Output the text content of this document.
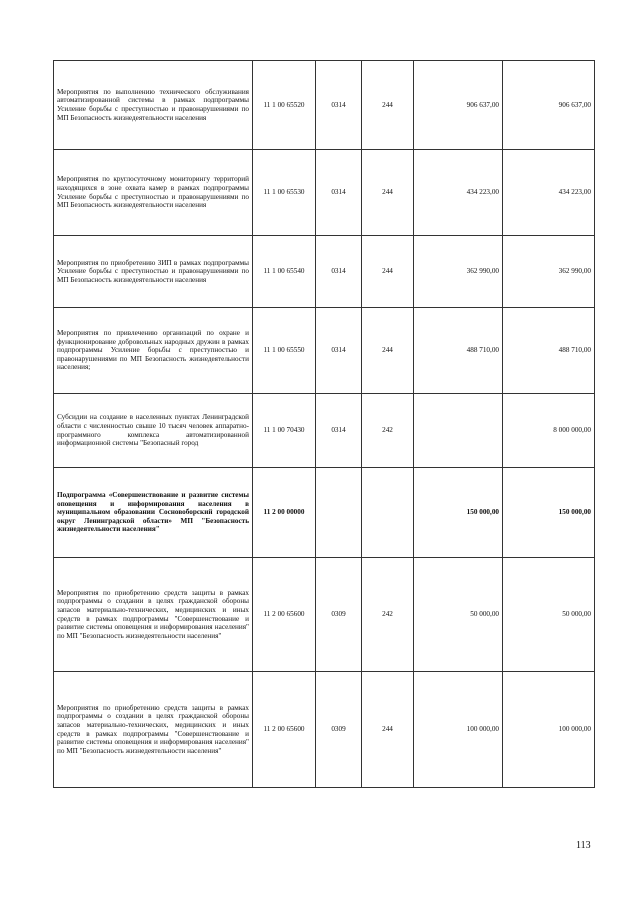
Мероприятия по выполнению технического обслуживания автоматизированной системы в рамках подпрограммы Усиление борьбы с преступностью и правонарушениями по МП Безопасность жизнедеятельности населения	11 1 00 65520	0314	244	906 637,00	906 637,00
Мероприятия по круглосуточному мониторингу территорий находящихся в зоне охвата камер в рамках подпрограммы Усиление борьбы с преступностью и правонарушениями по МП Безопасность жизнедеятельности населения	11 1 00 65530	0314	244	434 223,00	434 223,00
Мероприятия по приобретению ЗИП в рамках подпрограммы Усиление борьбы с преступностью и правонарушениями по МП Безопасность жизнедеятельности населения	11 1 00 65540	0314	244	362 990,00	362 990,00
Мероприятия по привлечению организаций по охране и функционирование добровольных народных дружин в рамках подпрограммы Усиление борьбы с преступностью и правонарушениями по МП Безопасность жизнедеятельности населения;	11 1 00 65550	0314	244	488 710,00	488 710,00
Субсидии на создание в населенных пунктах Ленинградской области с численностью свыше 10 тысяч человек аппаратно-программного комплекса автоматизированной информационной системы "Безопасный город	11 1 00 70430	0314	242		8 000 000,00
Подпрограмма «Совершенствование и развитие системы оповещения и информирования населения в муниципальном образовании Сосновоборский городской округ Ленинградской области» МП "Безопасность жизнедеятельности населения"	11 2 00 00000			150 000,00	150 000,00
Мероприятия по приобретению средств защиты в рамках подпрограммы о создании в целях гражданской обороны запасов материально-технических, медицинских и иных средств в рамках подпрограммы "Совершенствование и развитие системы оповещения и информирования населения" по МП "Безопасность жизнедеятельности населения"	11 2 00 65600	0309	242	50 000,00	50 000,00
Мероприятия по приобретению средств защиты в рамках подпрограммы о создании в целях гражданской обороны запасов материально-технических, медицинских и иных средств в рамках подпрограммы "Совершенствование и развитие системы оповещения и информирования населения" по МП "Безопасность жизнедеятельности населения"	11 2 00 65600	0309	244	100 000,00	100 000,00
113
